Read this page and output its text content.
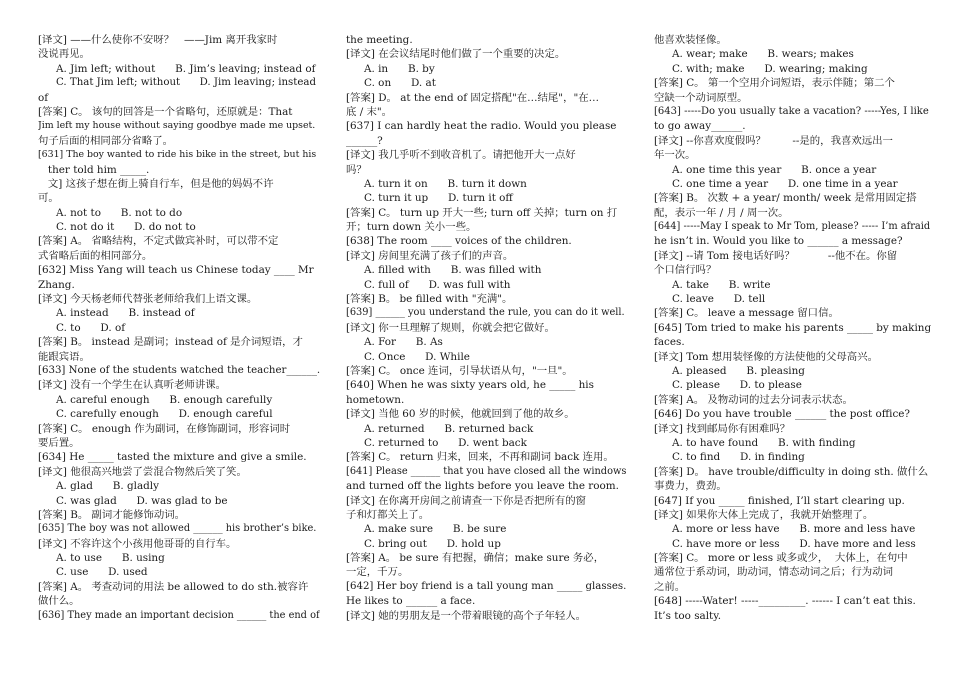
[译文] ——什么使你不安呀？   ——Jim 离开我家时
没说再见。
A. Jim left; without      B. Jim’s leaving; instead of
C. That Jim left; without      D. Jim leaving; instead
of
[答案] C。 该句的回答是一个省略句，还原就是：That
Jim left my house without saying goodbye made me upset.
句子后面的相同部分省略了。
[631] The boy wanted to ride his bike in the street, but his
ther told him _____.
文] 这孩子想在街上骑自行车，但是他的妈妈不许
可。
A. not to      B. not to do
C. not do it      D. do not to
[答案] A。 省略结构，不定式做宾补时，可以带不定
式省略后面的相同部分。
[632] Miss Yang will teach us Chinese today ____ Mr
Zhang.
[译文] 今天杨老师代替张老师给我们上语文课。
A. instead      B. instead of
C. to      D. of
[答案] B。 instead 是副词；instead of 是介词短语，才
能跟宾语。
[633] None of the students watched the teacher______.
[译文] 没有一个学生在认真听老师讲课。
A. careful enough      B. enough carefully
C. carefully enough      D. enough careful
[答案] C。 enough 作为副词，在修饰副词，形容词时
要后置。
[634] He _____ tasted the mixture and give a smile.
[译文] 他很高兴地尝了尝混合物然后笑了笑。
A. glad      B. gladly
C. was glad      D. was glad to be
[答案] B。 副词才能修饰动词。
[635] The boy was not allowed ______ his brother’s bike.
[译文] 不容许这个小孩用他哥哥的自行车。
A. to use      B. using
C. use      D. used
[答案] A。 考查动词的用法 be allowed to do sth.被容许
做什么。
[636] They made an important decision ______ the end of
the meeting.
[译文] 在会议结尾时他们做了一个重要的决定。
A. in      B. by
C. on      D. at
[答案] D。 at the end of 固定搭配"在…结尾"，"在…
底 / 末"。
[637] I can hardly heat the radio. Would you please
______?
[译文] 我几乎听不到收音机了。请把他开大一点好
吗？
A. turn it on      B. turn it down
C. turn it up      D. turn it off
[答案] C。 turn up 开大一些; turn off 关掉；turn on 打
开；turn down 关小一些。
[638] The room ____ voices of the children.
[译文] 房间里充满了孩子们的声音。
A. filled with      B. was filled with
C. full of      D. was full with
[答案] B。 be filled with "充满"。
[639] ______ you understand the rule, you can do it well.
[译文] 你一旦理解了规则，你就会把它做好。
A. For      B. As
C. Once      D. While
[答案] C。 once 连词，引导状语从句，"一旦"。
[640] When he was sixty years old, he _____ his
hometown.
[译文] 当他 60 岁的时候，他就回到了他的故乡。
A. returned      B. returned back
C. returned to      D. went back
[答案] C。 return 归来，回来，不再和副词 back 连用。
[641] Please ______ that you have closed all the windows
and turned off the lights before you leave the room.
[译文] 在你离开房间之前请查一下你是否把所有的窗
子和灯都关上了。
A. make sure      B. be sure
C. bring out      D. hold up
[答案] A。 be sure 有把握，确信；make sure 务必，
一定，千万。
[642] Her boy friend is a tall young man _____ glasses.
He likes to ______ a face.
[译文] 她的男朋友是一个带着眼镜的高个子年轻人。
他喜欢装怪像。
A. wear; make      B. wears; makes
C. with; make      D. wearing; making
[答案] C。 第一个空用介词短语，表示伴随；第二个
空缺一个动词原型。
[643] -----Do you usually take a vacation? -----Yes, I like
to go away______.
[译文] --你喜欢度假吗？        --是的，我喜欢远出一
年一次。
A. one time this year      B. once a year
C. one time a year      D. one time in a year
[答案] B。 次数 + a year/ month/ week 是常用固定搭
配，表示一年 / 月 / 周一次。
[644] -----May I speak to Mr Tom, please? ----- I’m afraid
he isn’t in. Would you like to ______ a message?
[译文] --请 Tom 接电话好吗？          --他不在。你留
个口信行吗？
A. take      B. write
C. leave      D. tell
[答案] C。 leave a message 留口信。
[645] Tom tried to make his parents _____ by making
faces.
[译文] Tom 想用装怪像的方法使他的父母高兴。
A. pleased      B. pleasing
C. please      D. to please
[答案] A。 及物动词的过去分词表示状态。
[646] Do you have trouble ______ the post office?
[译文] 找到邮局你有困难吗？
A. to have found      B. with finding
C. to find      D. in finding
[答案] D。 have trouble/difficulty in doing sth. 做什么
事费力，费劲。
[647] If you _____ finished, I’ll start clearing up.
[译文] 如果你大体上完成了，我就开始整理了。
A. more or less have      B. more and less have
C. have more or less      D. have more and less
[答案] C。 more or less 或多或少，  大体上，在句中
通常位于系动词，助动词，情态动词之后；行为动词
之前。
[648] -----Water! -----_________. ------ I can’t eat this.
It’s too salty.
